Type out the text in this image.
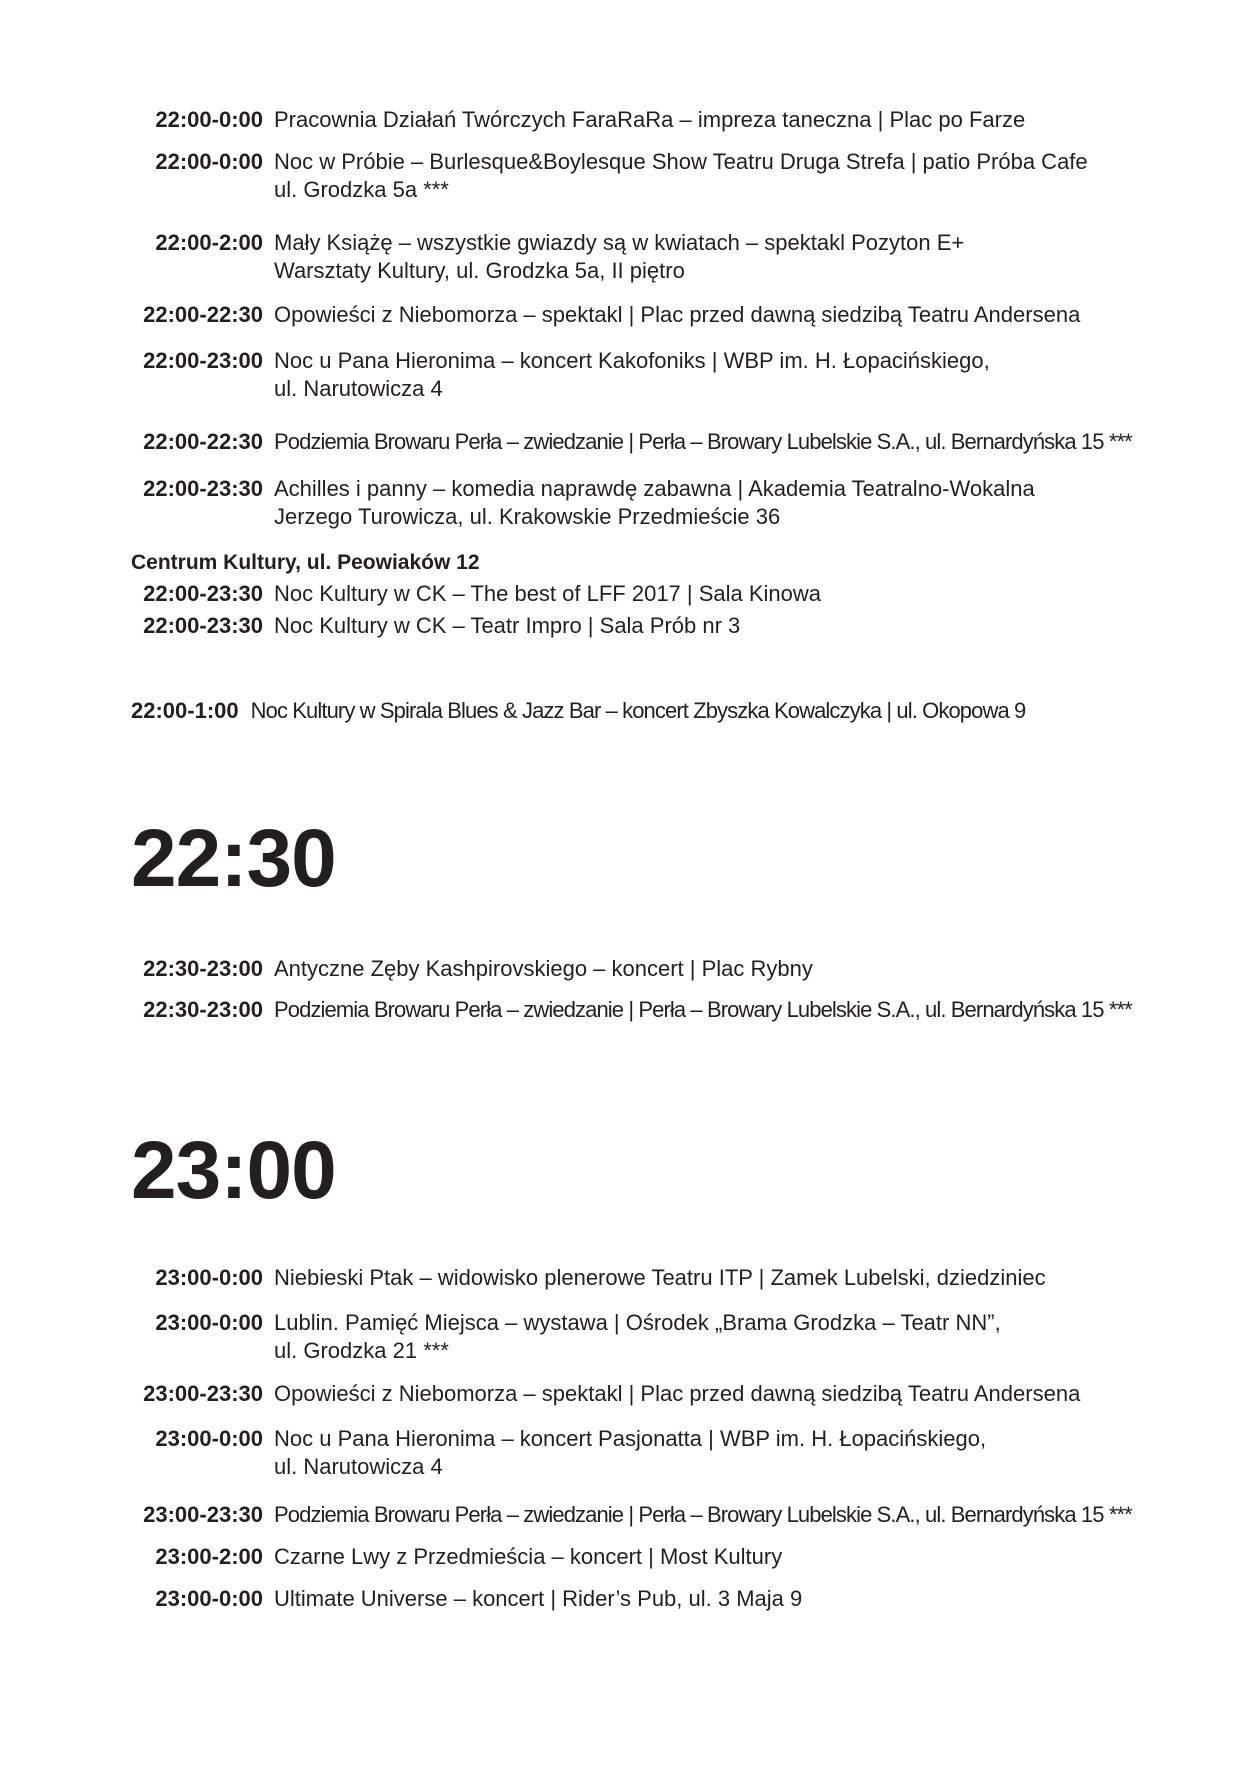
22:00-0:00 Pracownia Działań Twórczych FaraRaRa – impreza taneczna | Plac po Farze
22:00-0:00 Noc w Próbie – Burlesque&Boylesque Show Teatru Druga Strefa | patio Próba Cafe
ul. Grodzka 5a ***
22:00-2:00 Mały Książę – wszystkie gwiazdy są w kwiatach – spektakl Pozyton E+
Warsztaty Kultury, ul. Grodzka 5a, II piętro
22:00-22:30 Opowieści z Niebomorza – spektakl | Plac przed dawną siedzibą Teatru Andersena
22:00-23:00 Noc u Pana Hieronima – koncert Kakofoniks | WBP im. H. Łopacińskiego,
ul. Narutowicza 4
22:00-22:30 Podziemia Browaru Perła – zwiedzanie | Perła – Browary Lubelskie S.A., ul. Bernardyńska 15 ***
22:00-23:30 Achilles i panny – komedia naprawdę zabawna | Akademia Teatralno-Wokalna
Jerzego Turowicza, ul. Krakowskie Przedmieście 36
Centrum Kultury, ul. Peowiaków 12
22:00-23:30 Noc Kultury w CK – The best of LFF 2017 | Sala Kinowa
22:00-23:30 Noc Kultury w CK – Teatr Impro | Sala Prób nr 3
22:00-1:00 Noc Kultury w Spirala Blues & Jazz Bar – koncert Zbyszka Kowalczyka | ul. Okopowa 9
22:30
22:30-23:00 Antyczne Zęby Kashpirovskiego – koncert | Plac Rybny
22:30-23:00 Podziemia Browaru Perła – zwiedzanie | Perła – Browary Lubelskie S.A., ul. Bernardyńska 15 ***
23:00
23:00-0:00 Niebieski Ptak – widowisko plenerowe Teatru ITP | Zamek Lubelski, dziedziniec
23:00-0:00 Lublin. Pamięć Miejsca – wystawa | Ośrodek „Brama Grodzka – Teatr NN”,
ul. Grodzka 21 ***
23:00-23:30 Opowieści z Niebomorza – spektakl | Plac przed dawną siedzibą Teatru Andersena
23:00-0:00 Noc u Pana Hieronima – koncert Pasjonatta | WBP im. H. Łopacińskiego,
ul. Narutowicza 4
23:00-23:30 Podziemia Browaru Perła – zwiedzanie | Perła – Browary Lubelskie S.A., ul. Bernardyńska 15 ***
23:00-2:00 Czarne Lwy z Przedmieścia – koncert | Most Kultury
23:00-0:00 Ultimate Universe – koncert | Rider’s Pub, ul. 3 Maja 9
